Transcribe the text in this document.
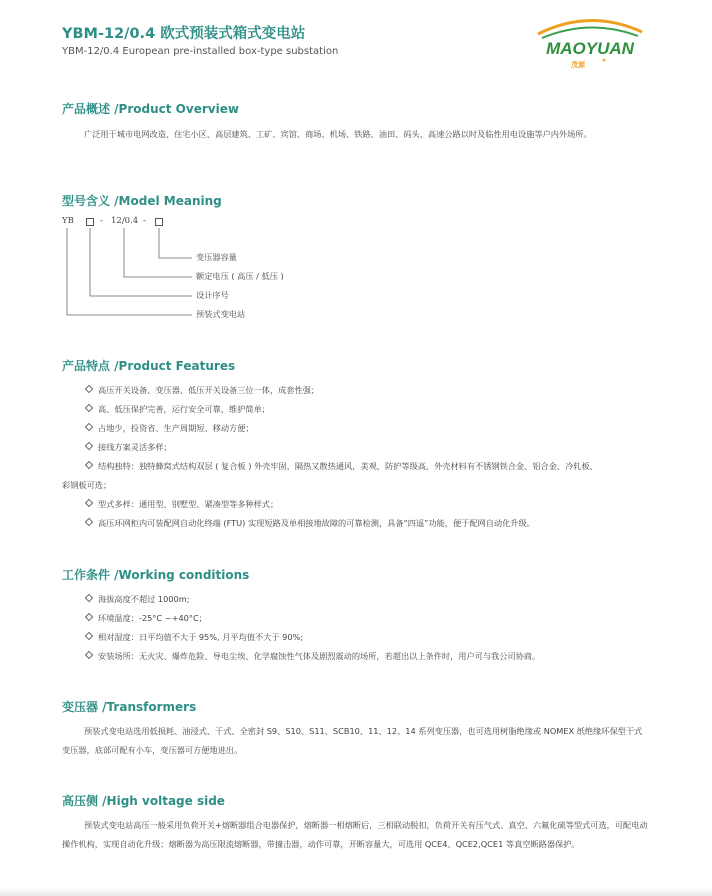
YBM-12/0.4 欧式预装式箱式变电站
YBM-12/0.4 European pre-installed box-type substation	MAOYUAN
茂源
产品概述 /Product Overview
广泛用于城市电网改造、住宅小区、高层建筑、工矿、宾馆、商场、机场、铁路、油田、码头、高速公路以时及临性用电设施等户内外场所。
型号含义 /Model Meaning
YB	- 12/0.4 -
变压器容量
额定电压 ( 高压 / 低压 )
设计序号
预装式变电站
产品特点 /Product Features
高压开关设备、变压器、低压开关设备三位一体，成套性强；
高、低压保护完善，运行安全可靠，维护简单；
占地少，投资省、生产周期短、移动方便；
接线方案灵活多样；
结构独特：独特蜂窝式结构双层 ( 复合板 ) 外壳牢固，隔热又散热通风，美观，防护等级高，外壳材料有不锈钢铁合金、铝合金、冷轧板、
彩钢板可选；
型式多样：通用型、别墅型、紧凑型等多种样式；
高压环网柜内可装配网自动化终端 (FTU) 实现短路及单相接地故障的可靠检测，具备“四遥”功能，便于配网自动化升级。
工作条件 /Working conditions
海拔高度不超过 1000m;
环境温度：-25°C ~+40°C；
相对湿度：日平均值不大于 95%, 月平均值不大于 90%;
安装场所：无火灾、爆炸危险、导电尘埃、化学腐蚀性气体及剧烈震动的场所，若超出以上条件时，用户可与我公司协商。
变压器 /Transformers
预装式变电站选用低损耗、油浸式、干式、全密封 S9、S10、S11、SCB10、11、12、14 系列变压器，也可选用树脂绝缘或 NOMEX 纸绝缘环保型干式变压器，底部可配有小车，变压器可方便地进出。
高压侧 /High voltage side
预装式变电站高压一般采用负荷开关+熔断器组合电器保护，熔断器一相熔断后，三相联动脱扣，负荷开关有压气式、真空、六氟化硫等型式可选，可配电动操作机构，实现自动化升级；熔断器为高压限流熔断器，带撞击器，动作可靠，开断容量大，可选用 QCE4、QCE2,QCE1 等真空断路器保护。
